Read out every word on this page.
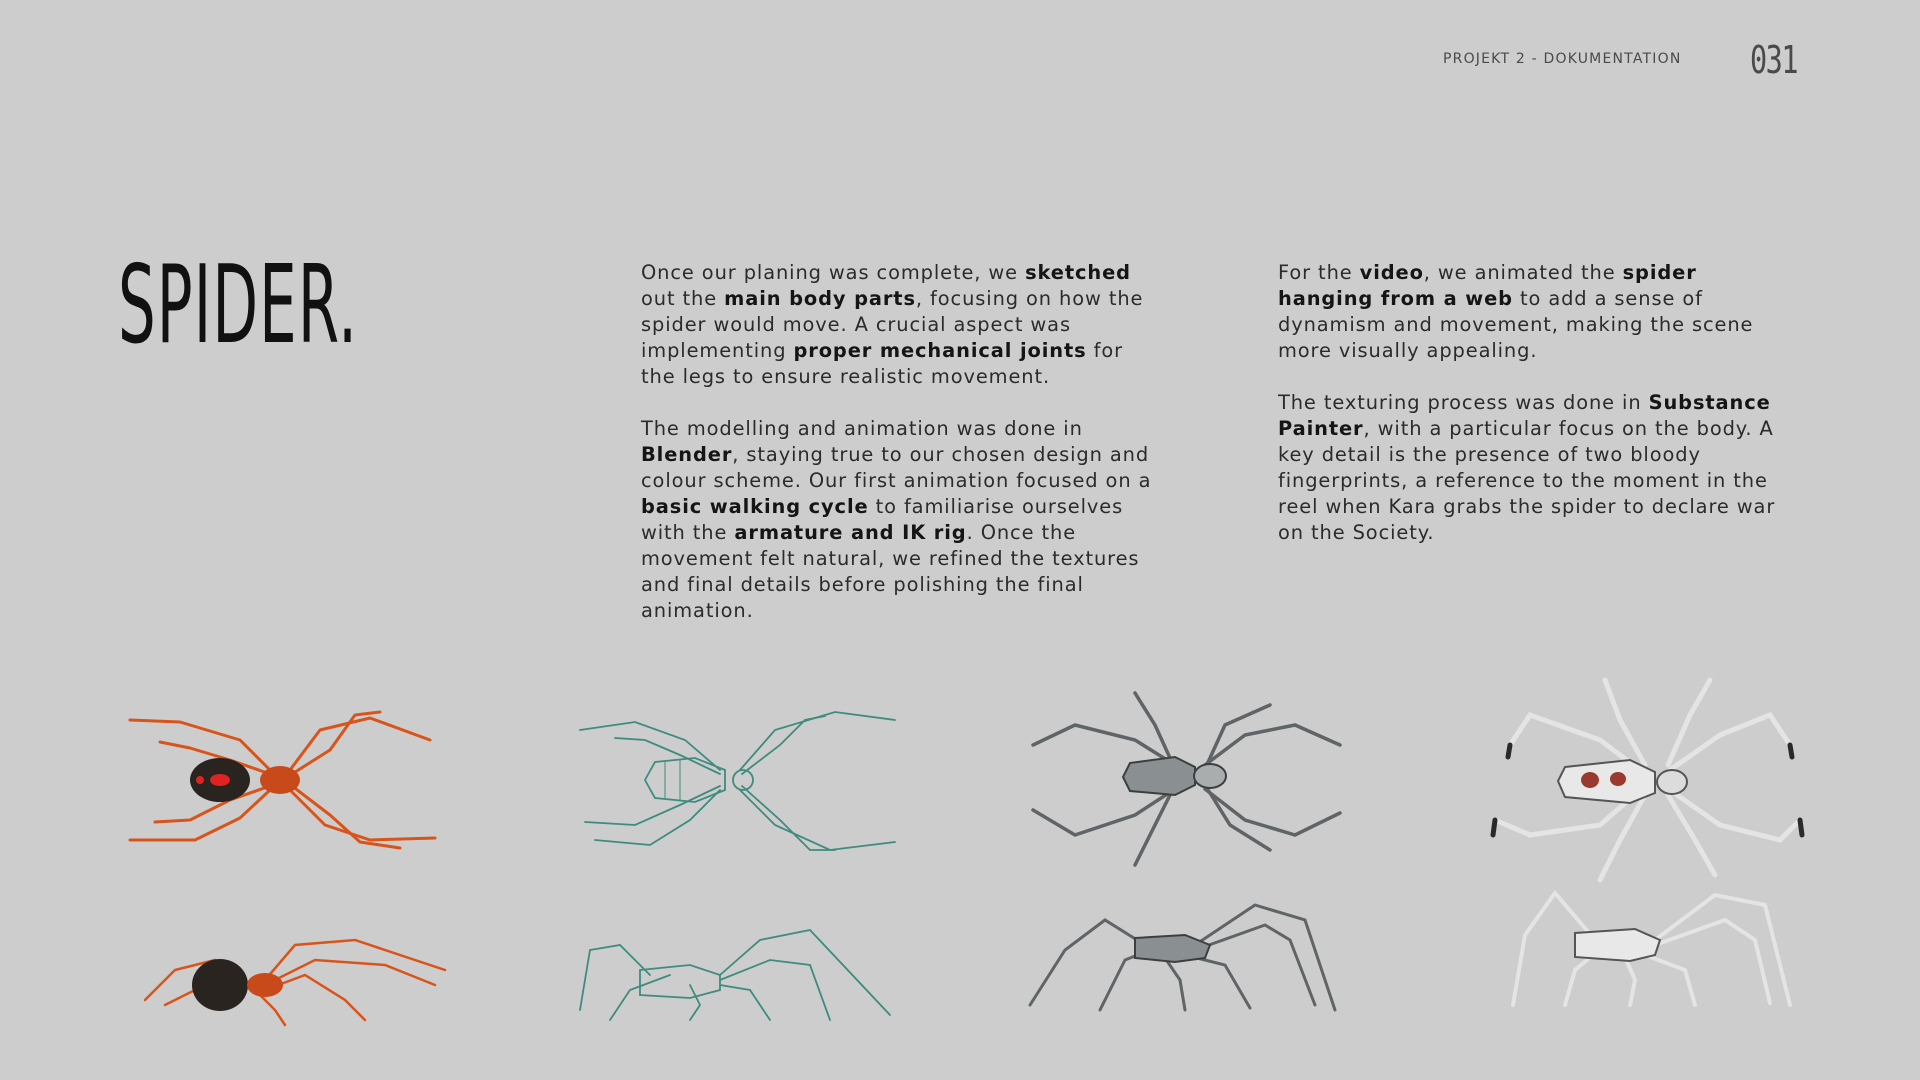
PROJEKT 2 - DOKUMENTATION 031
SPIDER.	Once our planing was complete, we sketched out the main body parts, focusing on how the spider would move. A crucial aspect was implementing proper mechanical joints for the legs to ensure realistic movement.

The modelling and animation was done in Blender, staying true to our chosen design and colour scheme. Our first animation focused on a basic walking cycle to familiarise ourselves with the armature and IK rig. Once the movement felt natural, we refined the textures and final details before polishing the final animation.

For the video, we animated the spider hanging from a web to add a sense of dynamism and movement, making the scene more visually appealing.

The texturing process was done in Substance Painter, with a particular focus on the body. A key detail is the presence of two bloody fingerprints, a reference to the moment in the reel when Kara grabs the spider to declare war on the Society.
